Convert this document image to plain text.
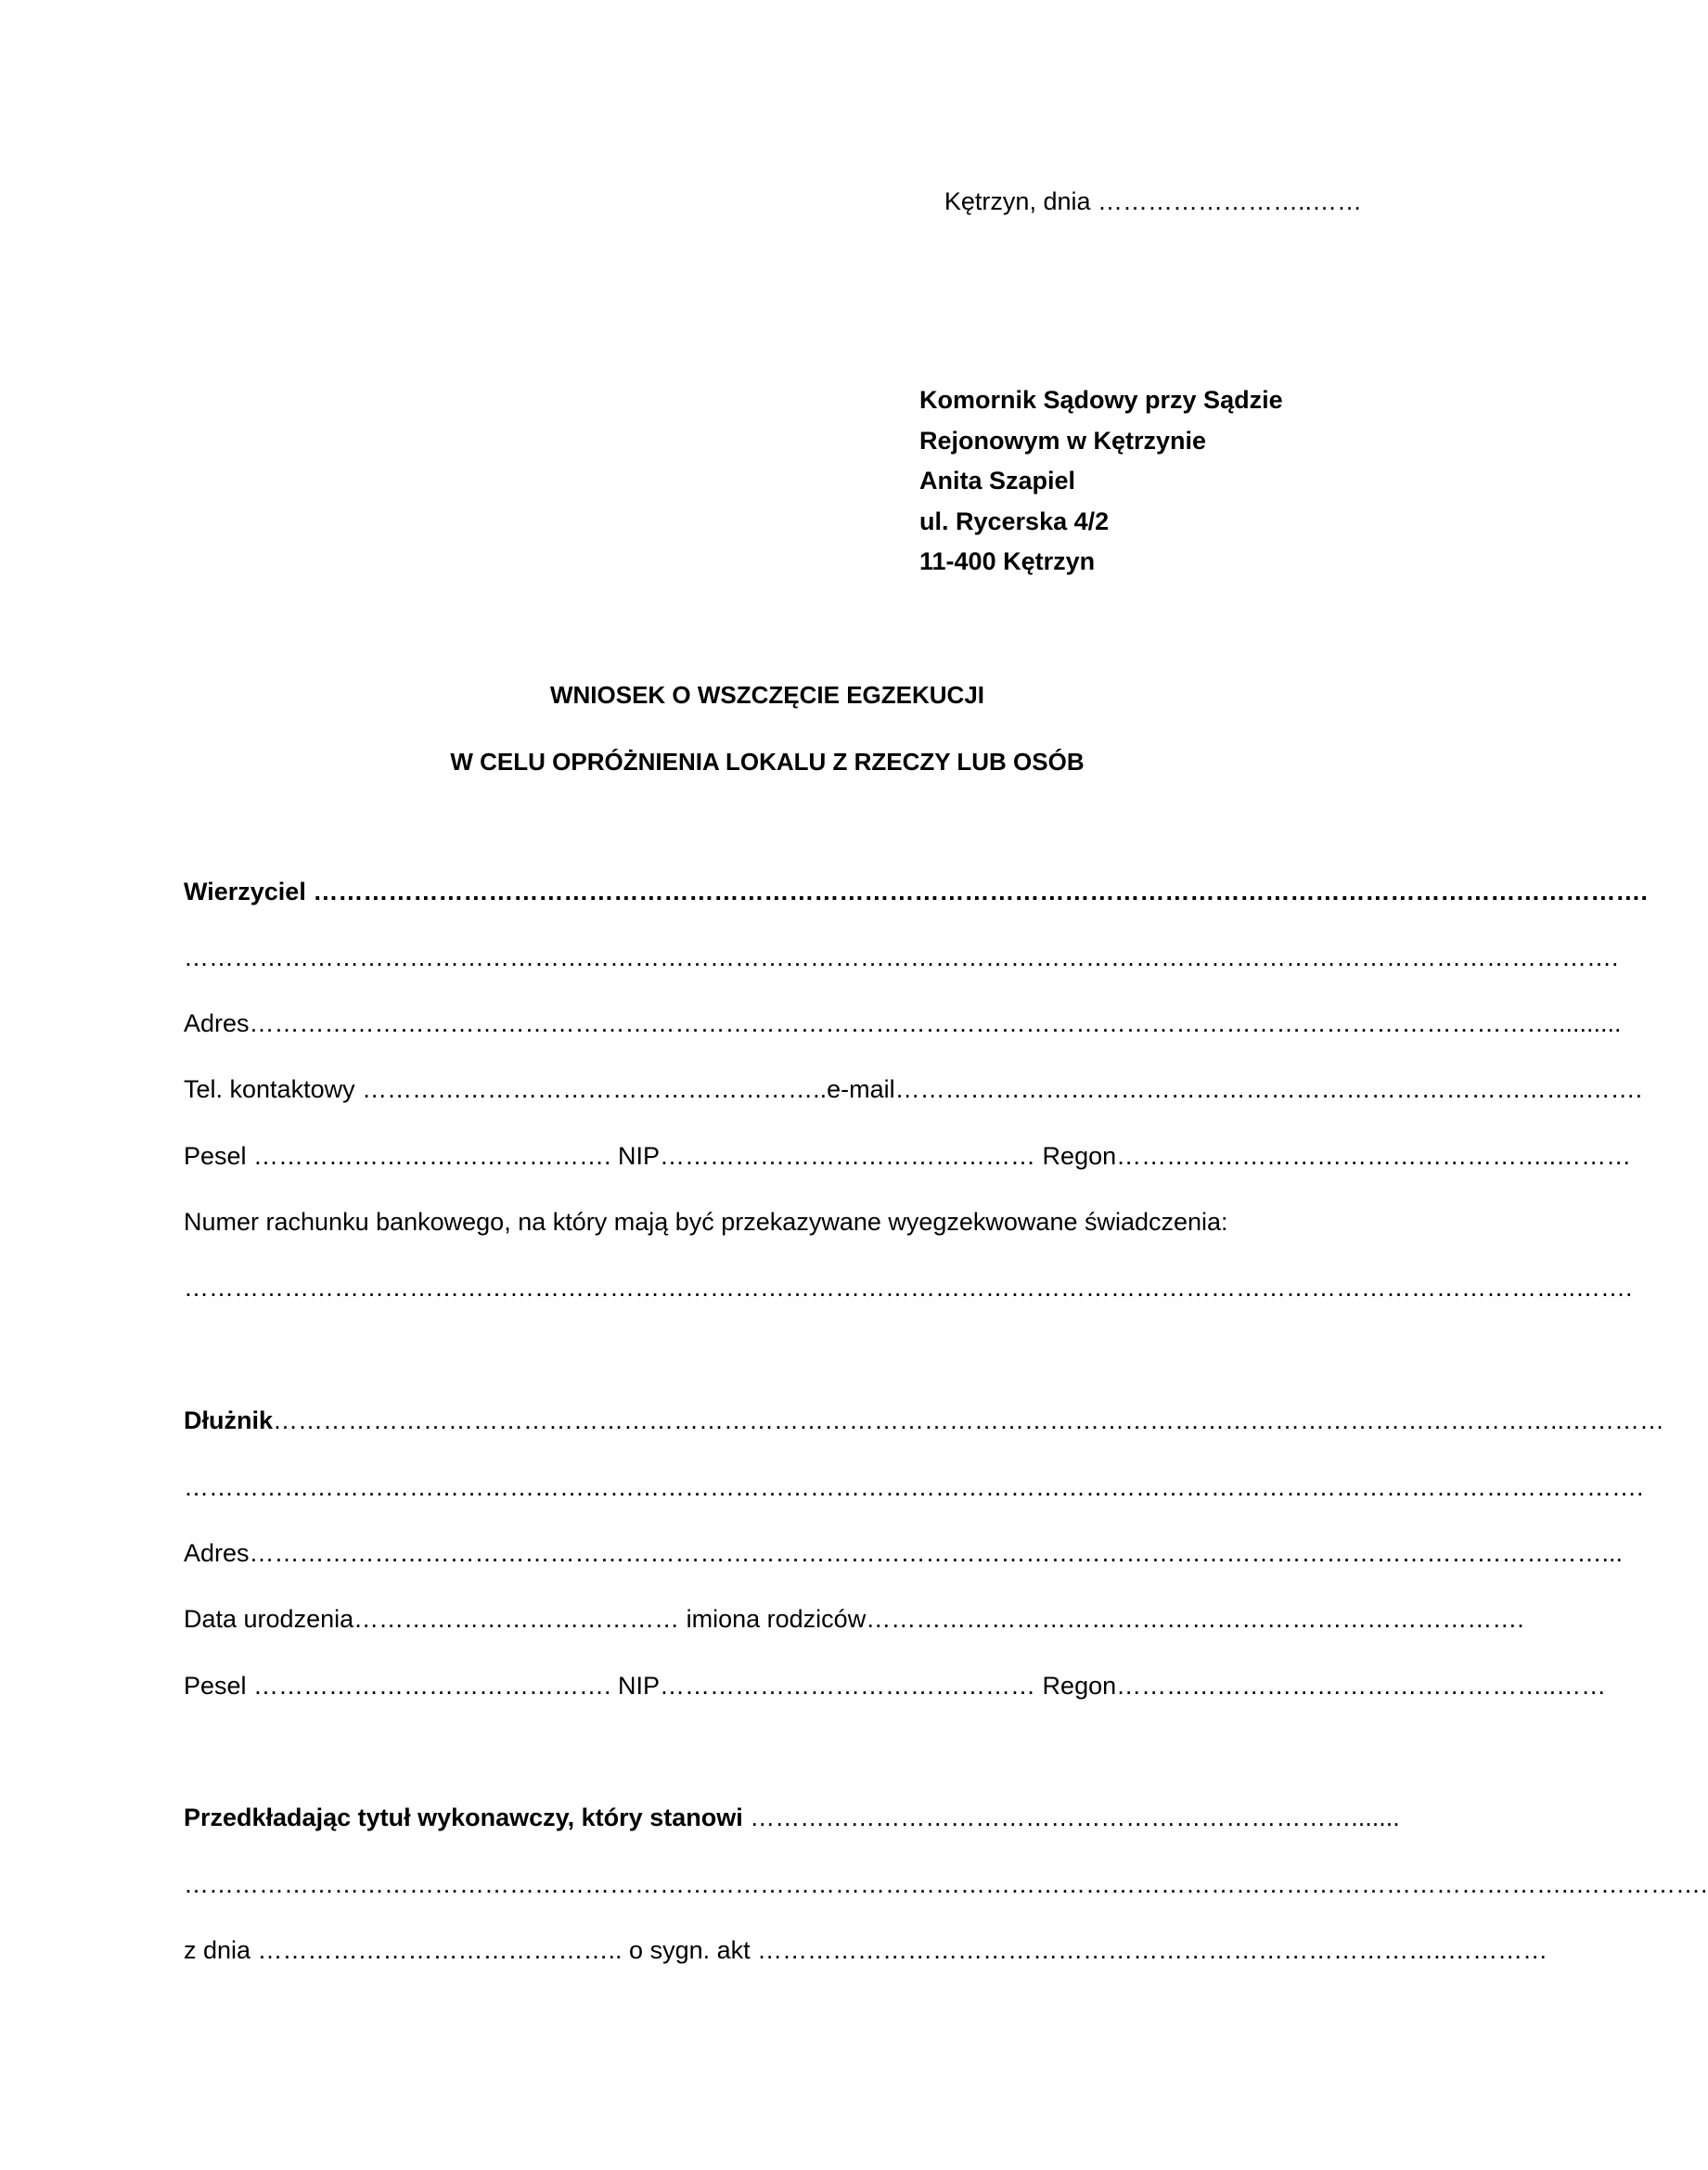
Kętrzyn, dnia ……………………..……
Komornik Sądowy przy Sądzie
Rejonowym w Kętrzynie
Anita Szapiel
ul. Rycerska 4/2
11-400 Kętrzyn
WNIOSEK O WSZCZĘCIE EGZEKUCJI
W CELU OPRÓŻNIENIA LOKALU Z RZECZY LUB OSÓB
Wierzyciel …………………………………………………………………………………………………………………………………………….
……………………………………………………………………………………………………………………………………………………….
Adres…………………………………………………………………………………………………………………………………………..........
Tel. kontaktowy ………………………………………………..e-mail………………………………………………………………………..…….
Pesel ……………………………………. NIP……………………………………… Regon……………………………………………..………
Numer rachunku bankowego, na który mają być przekazywane wyegzekwowane świadczenia:
…………………………………………………………………………………………………………………………………………………..…….
Dłużnik………………………………………………………………………………………………………………………………………..…………
………………………………………………………………………………………………………………………………………………………….
Adres………………………………………………………………………………………………………………………………………………...
Data urodzenia………………………………… imiona rodziców…………………………………………………………………….
Pesel ……………………………………. NIP……………………………………… Regon……………………………………………..……
Przedkładając tytuł wykonawczy, który stanowi ……………………………………………………………….......
…………………………………………………………………………………………………………………………………………………..…………….
z dnia …………………………………….. o sygn. akt ………………………………………………………………………..…………
